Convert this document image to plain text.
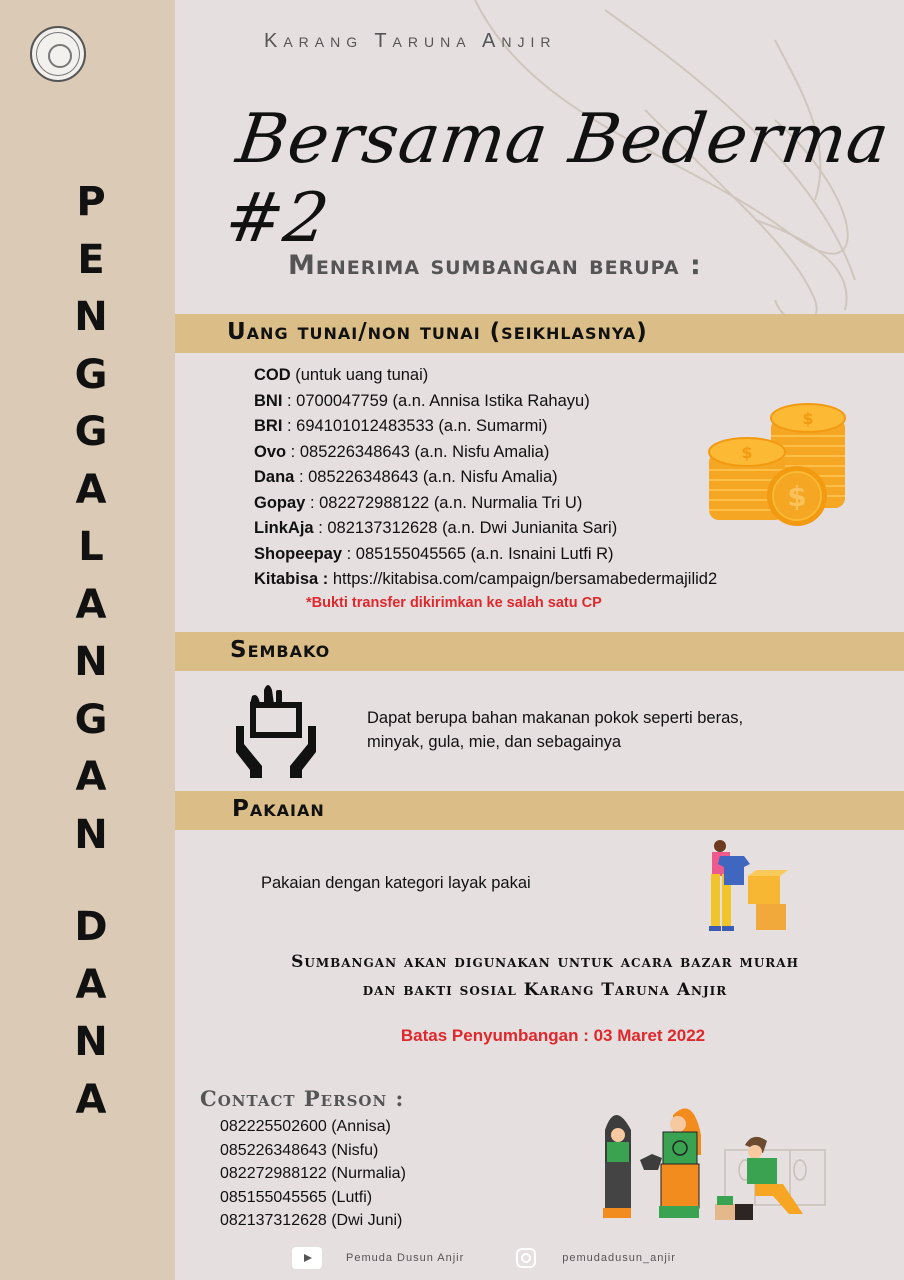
P
E
N
G
G
A
L
A
N
G
A
N
D
A
N
A
Karang Taruna Anjir
Bersama Bederma #2
Menerima sumbangan berupa :
Uang tunai/non tunai (seikhlasnya)
COD (untuk uang tunai)
BNI : 0700047759 (a.n. Annisa Istika Rahayu)
BRI : 694101012483533 (a.n. Sumarmi)
Ovo : 085226348643 (a.n. Nisfu Amalia)
Dana : 085226348643 (a.n. Nisfu Amalia)
Gopay : 082272988122 (a.n. Nurmalia Tri U)
LinkAja : 082137312628 (a.n. Dwi Junianita Sari)
Shopeepay : 085155045565 (a.n. Isnaini Lutfi R)
Kitabisa : https://kitabisa.com/campaign/bersamabedermajilid2
*Bukti transfer dikirimkan ke salah satu CP
$
$
$
Sembako
Dapat berupa bahan makanan pokok seperti beras,
minyak, gula, mie, dan sebagainya
Pakaian
Pakaian dengan kategori layak pakai
Sumbangan akan digunakan untuk acara bazar murah
dan bakti sosial Karang Taruna Anjir
Batas Penyumbangan : 03 Maret 2022
Contact Person :
082225502600 (Annisa)
085226348643 (Nisfu)
082272988122 (Nurmalia)
085155045565 (Lutfi)
082137312628 (Dwi Juni)
Pemuda Dusun Anjir	pemudadusun_anjir
